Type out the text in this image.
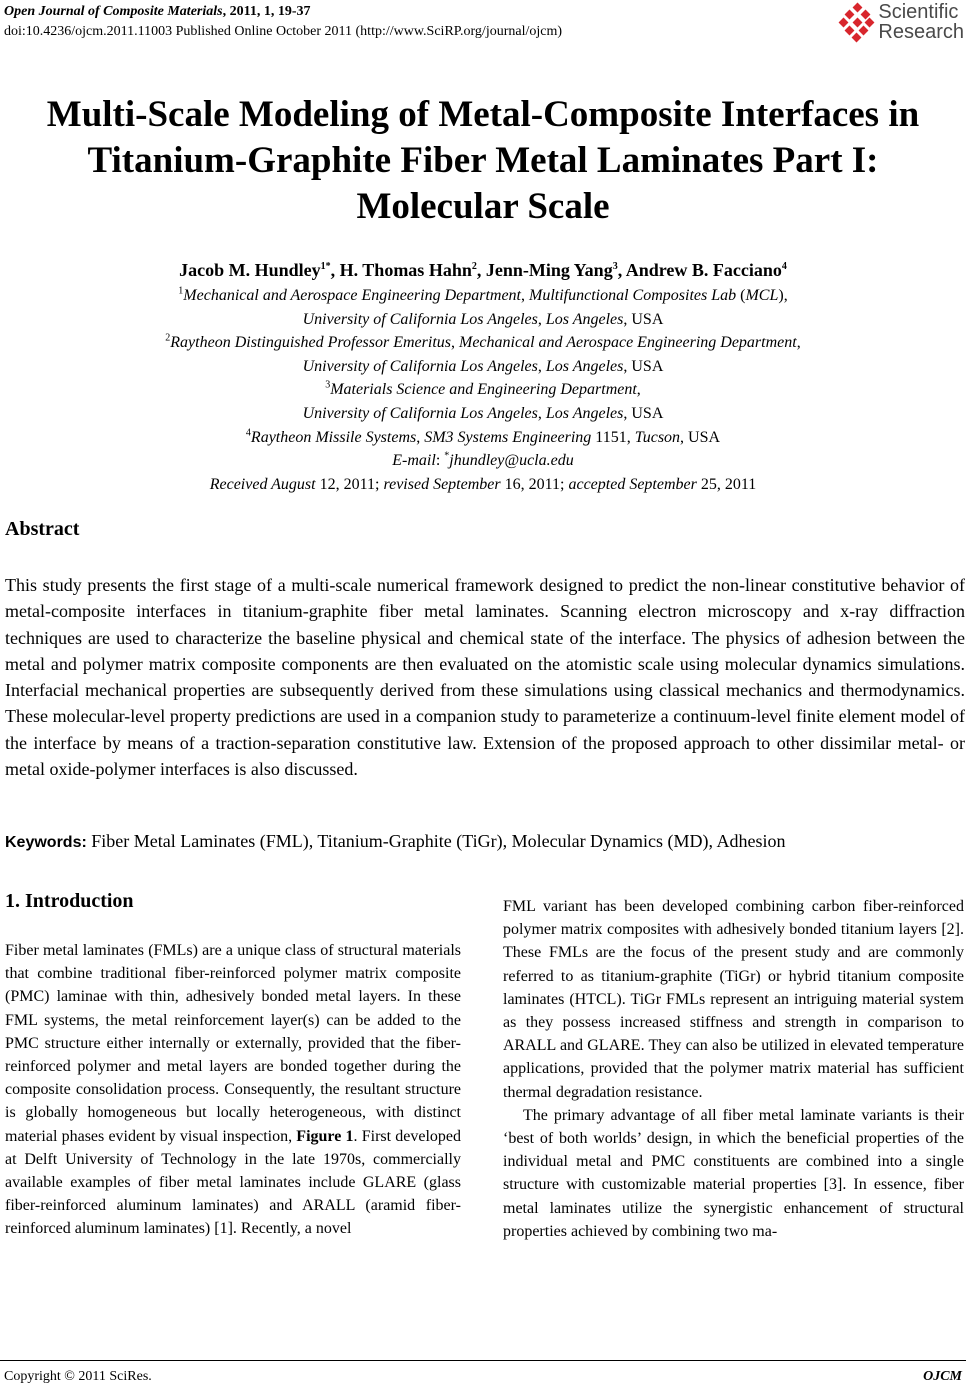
Open Journal of Composite Materials, 2011, 1, 19-37
doi:10.4236/ojcm.2011.11003 Published Online October 2011 (http://www.SciRP.org/journal/ojcm)
Scientific
Research
Multi-Scale Modeling of Metal-Composite Interfaces in
Titanium-Graphite Fiber Metal Laminates Part I:
Molecular Scale
Jacob M. Hundley$^{1*}$, H. Thomas Hahn$^2$, Jenn-Ming Yang$^3$, Andrew B. Facciano$^4$
$^1$Mechanical and Aerospace Engineering Department, Multifunctional Composites Lab (MCL),
University of California Los Angeles, Los Angeles, USA
$^2$Raytheon Distinguished Professor Emeritus, Mechanical and Aerospace Engineering Department,
University of California Los Angeles, Los Angeles, USA
$^3$Materials Science and Engineering Department,
University of California Los Angeles, Los Angeles, USA
$^4$Raytheon Missile Systems, SM3 Systems Engineering 1151, Tucson, USA
E-mail: *jhundley@ucla.edu
Received August 12, 2011; revised September 16, 2011; accepted September 25, 2011
Abstract
This study presents the first stage of a multi-scale numerical framework designed to predict the non-linear constitutive behavior of metal-composite interfaces in titanium-graphite fiber metal laminates. Scanning electron microscopy and x-ray diffraction techniques are used to characterize the baseline physical and chemical state of the interface. The physics of adhesion between the metal and polymer matrix composite components are then evaluated on the atomistic scale using molecular dynamics simulations. Interfacial mechanical properties are subsequently derived from these simulations using classical mechanics and thermodynamics. These molecular-level property predictions are used in a companion study to parameterize a continuum-level finite element model of the interface by means of a traction-separation constitutive law. Extension of the proposed approach to other dissimilar metal- or metal oxide-polymer interfaces is also discussed.
Keywords: Fiber Metal Laminates (FML), Titanium-Graphite (TiGr), Molecular Dynamics (MD), Adhesion
1. Introduction

Fiber metal laminates (FMLs) are a unique class of structural materials that combine traditional fiber-reinforced polymer matrix composite (PMC) laminae with thin, adhesively bonded metal layers. In these FML systems, the metal reinforcement layer(s) can be added to the PMC structure either internally or externally, provided that the fiber-reinforced polymer and metal layers are bonded together during the composite consolidation process. Consequently, the resultant structure is globally homogeneous but locally heterogeneous, with distinct material phases evident by visual inspection, Figure 1. First developed at Delft University of Technology in the late 1970s, commercially available examples of fiber metal laminates include GLARE (glass fiber-reinforced aluminum laminates) and ARALL (aramid fiber-reinforced aluminum laminates) [1]. Recently, a novel

FML variant has been developed combining carbon fiber-reinforced polymer matrix composites with adhesively bonded titanium layers [2]. These FMLs are the focus of the present study and are commonly referred to as titanium-graphite (TiGr) or hybrid titanium composite laminates (HTCL). TiGr FMLs represent an intriguing material system as they possess increased stiffness and strength in comparison to ARALL and GLARE. They can also be utilized in elevated temperature applications, provided that the polymer matrix material has sufficient thermal degradation resistance.

The primary advantage of all fiber metal laminate variants is their ‘best of both worlds’ design, in which the beneficial properties of the individual metal and PMC constituents are combined into a single structure with customizable material properties [3]. In essence, fiber metal laminates utilize the synergistic enhancement of structural properties achieved by combining two ma-

Copyright © 2011 SciRes.	OJCM
